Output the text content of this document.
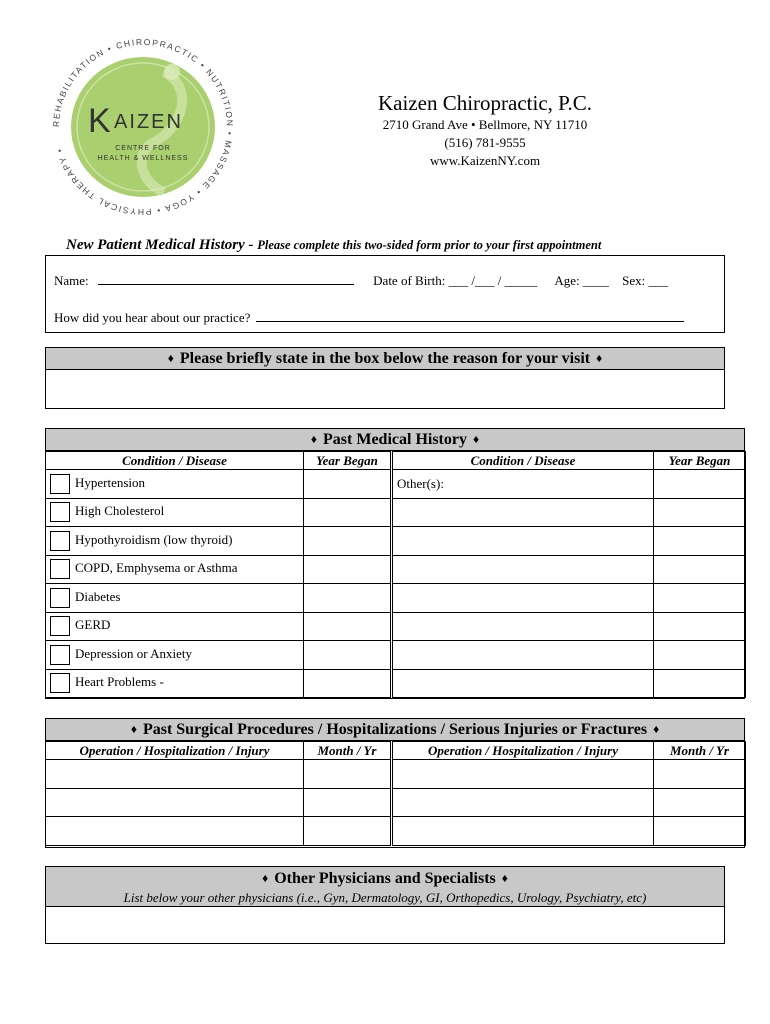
K AIZEN
CENTRE FOR
HEALTH & WELLNESS
REHABILITATION • CHIROPRACTIC • NUTRITION • MASSAGE • YOGA • PHYSICAL THERAPY •
Kaizen Chiropractic, P.C.
2710 Grand Ave • Bellmore, NY 11710
(516) 781-9555
www.KaizenNY.com
New Patient Medical History - Please complete this two-sided form prior to your first appointment
Name:	Date of Birth: ___ /___ / _____ Age: ____ Sex: ___
How did you hear about our practice?
♦ Please briefly state in the box below the reason for your visit ♦
♦ Past Medical History ♦
Condition / Disease	Year Began	Condition / Disease	Year Began
Hypertension		Other(s):	
High Cholesterol			
Hypothyroidism (low thyroid)			
COPD, Emphysema or Asthma			
Diabetes			
GERD			
Depression or Anxiety			
Heart Problems -			
♦ Past Surgical Procedures / Hospitalizations / Serious Injuries or Fractures ♦
Operation / Hospitalization / Injury	Month / Yr	Operation / Hospitalization / Injury	Month / Yr

♦ Other Physicians and Specialists ♦
List below your other physicians (i.e., Gyn, Dermatology, GI, Orthopedics, Urology, Psychiatry, etc)
